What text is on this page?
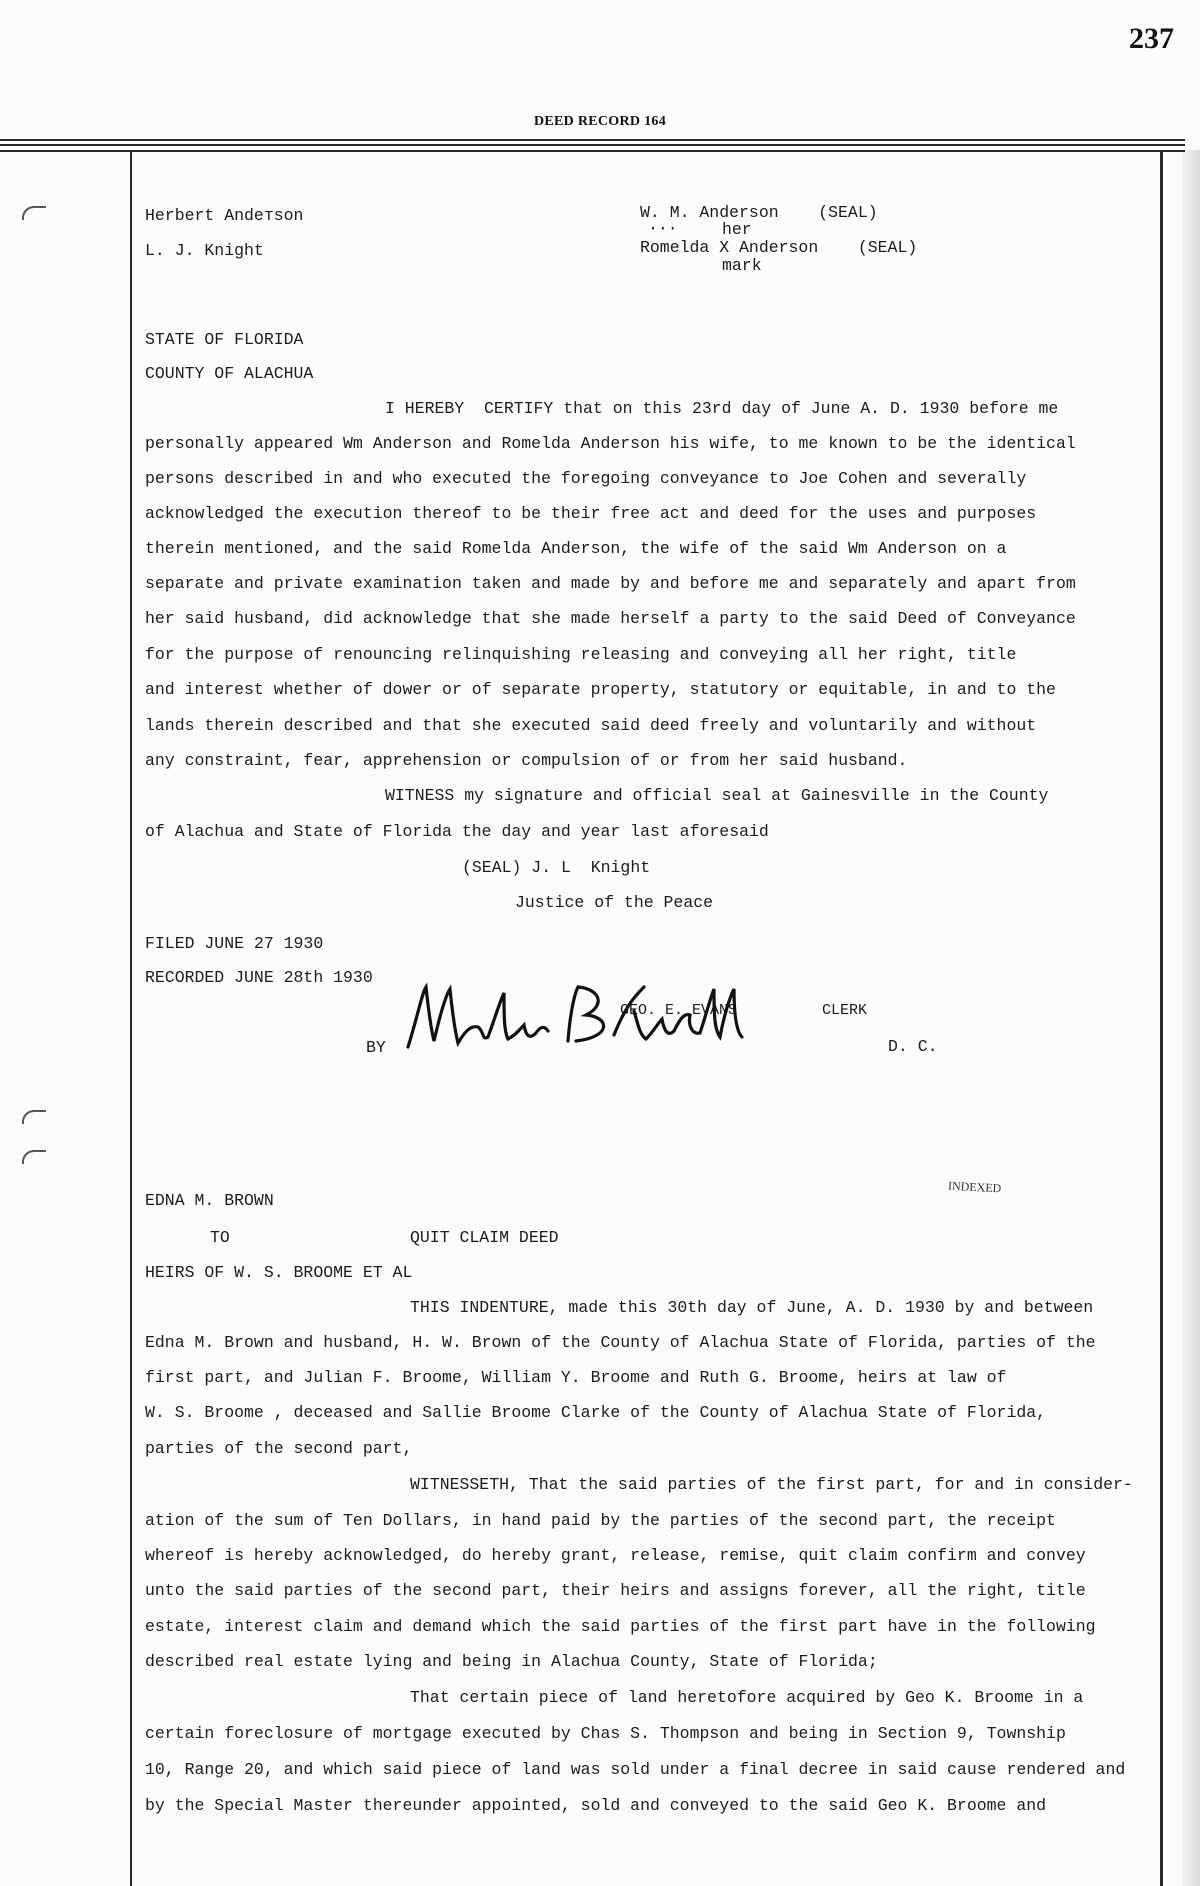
237
DEED RECORD 164
Herbert Andeтson
L. J. Knight
W. M. Anderson    (SEAL)
···	her
Romelda X Anderson    (SEAL)
mark
STATE OF FLORIDA
COUNTY OF ALACHUA
I HEREBY  CERTIFY that on this 23rd day of June A. D. 1930 before me
personally appeared Wm Anderson and Romelda Anderson his wife, to me known to be the identical
persons described in and who executed the foregoing conveyance to Joe Cohen and severally
acknowledged the execution thereof to be their free act and deed for the uses and purposes
therein mentioned, and the said Romelda Anderson, the wife of the said Wm Anderson on a
separate and private examination taken and made by and before me and separately and apart from
her said husband, did acknowledge that she made herself a party to the said Deed of Conveyance
for the purpose of renouncing relinquishing releasing and conveying all her right, title
and interest whether of dower or of separate property, statutory or equitable, in and to the
lands therein described and that she executed said deed freely and voluntarily and without
any constraint, fear, apprehension or compulsion of or from her said husband.
WITNESS my signature and official seal at Gainesville in the County
of Alachua and State of Florida the day and year last aforesaid
(SEAL) J. L  Knight
Justice of the Peace
FILED JUNE 27 1930
RECORDED JUNE 28th 1930
GEO. E. EVANS	CLERK
BY	D. C.
INDEXED
EDNA M. BROWN
TO	QUIT CLAIM DEED
HEIRS OF W. S. BROOME ET AL
THIS INDENTURE, made this 30th day of June, A. D. 1930 by and between
Edna M. Brown and husband, H. W. Brown of the County of Alachua State of Florida, parties of the
first part, and Julian F. Broome, William Y. Broome and Ruth G. Broome, heirs at law of
W. S. Broome , deceased and Sallie Broome Clarke of the County of Alachua State of Florida,
parties of the second part,
WITNESSETH, That the said parties of the first part, for and in consider-
ation of the sum of Ten Dollars, in hand paid by the parties of the second part, the receipt
whereof is hereby acknowledged, do hereby grant, release, remise, quit claim confirm and convey
unto the said parties of the second part, their heirs and assigns forever, all the right, title
estate, interest claim and demand which the said parties of the first part have in the following
described real estate lying and being in Alachua County, State of Florida;
That certain piece of land heretofore acquired by Geo K. Broome in a
certain foreclosure of mortgage executed by Chas S. Thompson and being in Section 9, Township
10, Range 20, and which said piece of land was sold under a final decree in said cause rendered and
by the Special Master thereunder appointed, sold and conveyed to the said Geo K. Broome and
